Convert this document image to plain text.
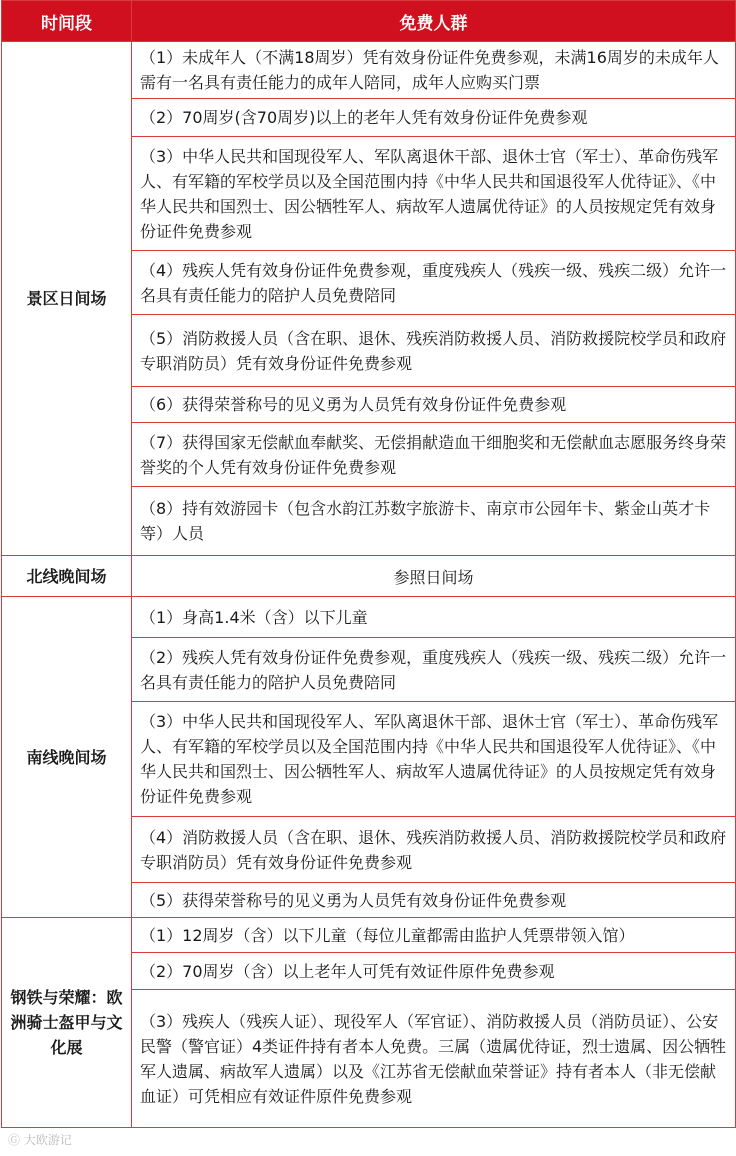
时间段	免费人群
景区日间场	（1）未成年人（不满18周岁）凭有效身份证件免费参观，未满16周岁的未成年人需有一名具有责任能力的成年人陪同，成年人应购买门票
	（2）70周岁(含70周岁)以上的老年人凭有效身份证件免费参观
	（3）中华人民共和国现役军人、军队离退休干部、退休士官（军士）、革命伤残军人、有军籍的军校学员以及全国范围内持《中华人民共和国退役军人优待证》、《中华人民共和国烈士、因公牺牲军人、病故军人遗属优待证》的人员按规定凭有效身份证件免费参观
	（4）残疾人凭有效身份证件免费参观，重度残疾人（残疾一级、残疾二级）允许一名具有责任能力的陪护人员免费陪同
	（5）消防救援人员（含在职、退休、残疾消防救援人员、消防救援院校学员和政府专职消防员）凭有效身份证件免费参观
	（6）获得荣誉称号的见义勇为人员凭有效身份证件免费参观
	（7）获得国家无偿献血奉献奖、无偿捐献造血干细胞奖和无偿献血志愿服务终身荣誉奖的个人凭有效身份证件免费参观
	（8）持有效游园卡（包含水韵江苏数字旅游卡、南京市公园年卡、紫金山英才卡等）人员
北线晚间场	参照日间场
南线晚间场	（1）身高1.4米（含）以下儿童
	（2）残疾人凭有效身份证件免费参观，重度残疾人（残疾一级、残疾二级）允许一名具有责任能力的陪护人员免费陪同
	（3）中华人民共和国现役军人、军队离退休干部、退休士官（军士）、革命伤残军人、有军籍的军校学员以及全国范围内持《中华人民共和国退役军人优待证》、《中华人民共和国烈士、因公牺牲军人、病故军人遗属优待证》的人员按规定凭有效身份证件免费参观
	（4）消防救援人员（含在职、退休、残疾消防救援人员、消防救援院校学员和政府专职消防员）凭有效身份证件免费参观
	（5）获得荣誉称号的见义勇为人员凭有效身份证件免费参观
钢铁与荣耀：欧洲骑士盔甲与文化展	（1）12周岁（含）以下儿童（每位儿童都需由监护人凭票带领入馆）
	（2）70周岁（含）以上老年人可凭有效证件原件免费参观
	（3）残疾人（残疾人证）、现役军人（军官证）、消防救援人员（消防员证）、公安民警（警官证）4类证件持有者本人免费。三属（遗属优待证，烈士遗属、因公牺牲军人遗属、病故军人遗属）以及《江苏省无偿献血荣誉证》持有者本人（非无偿献血证）可凭相应有效证件原件免费参观
Ⓖ 大欧游记
